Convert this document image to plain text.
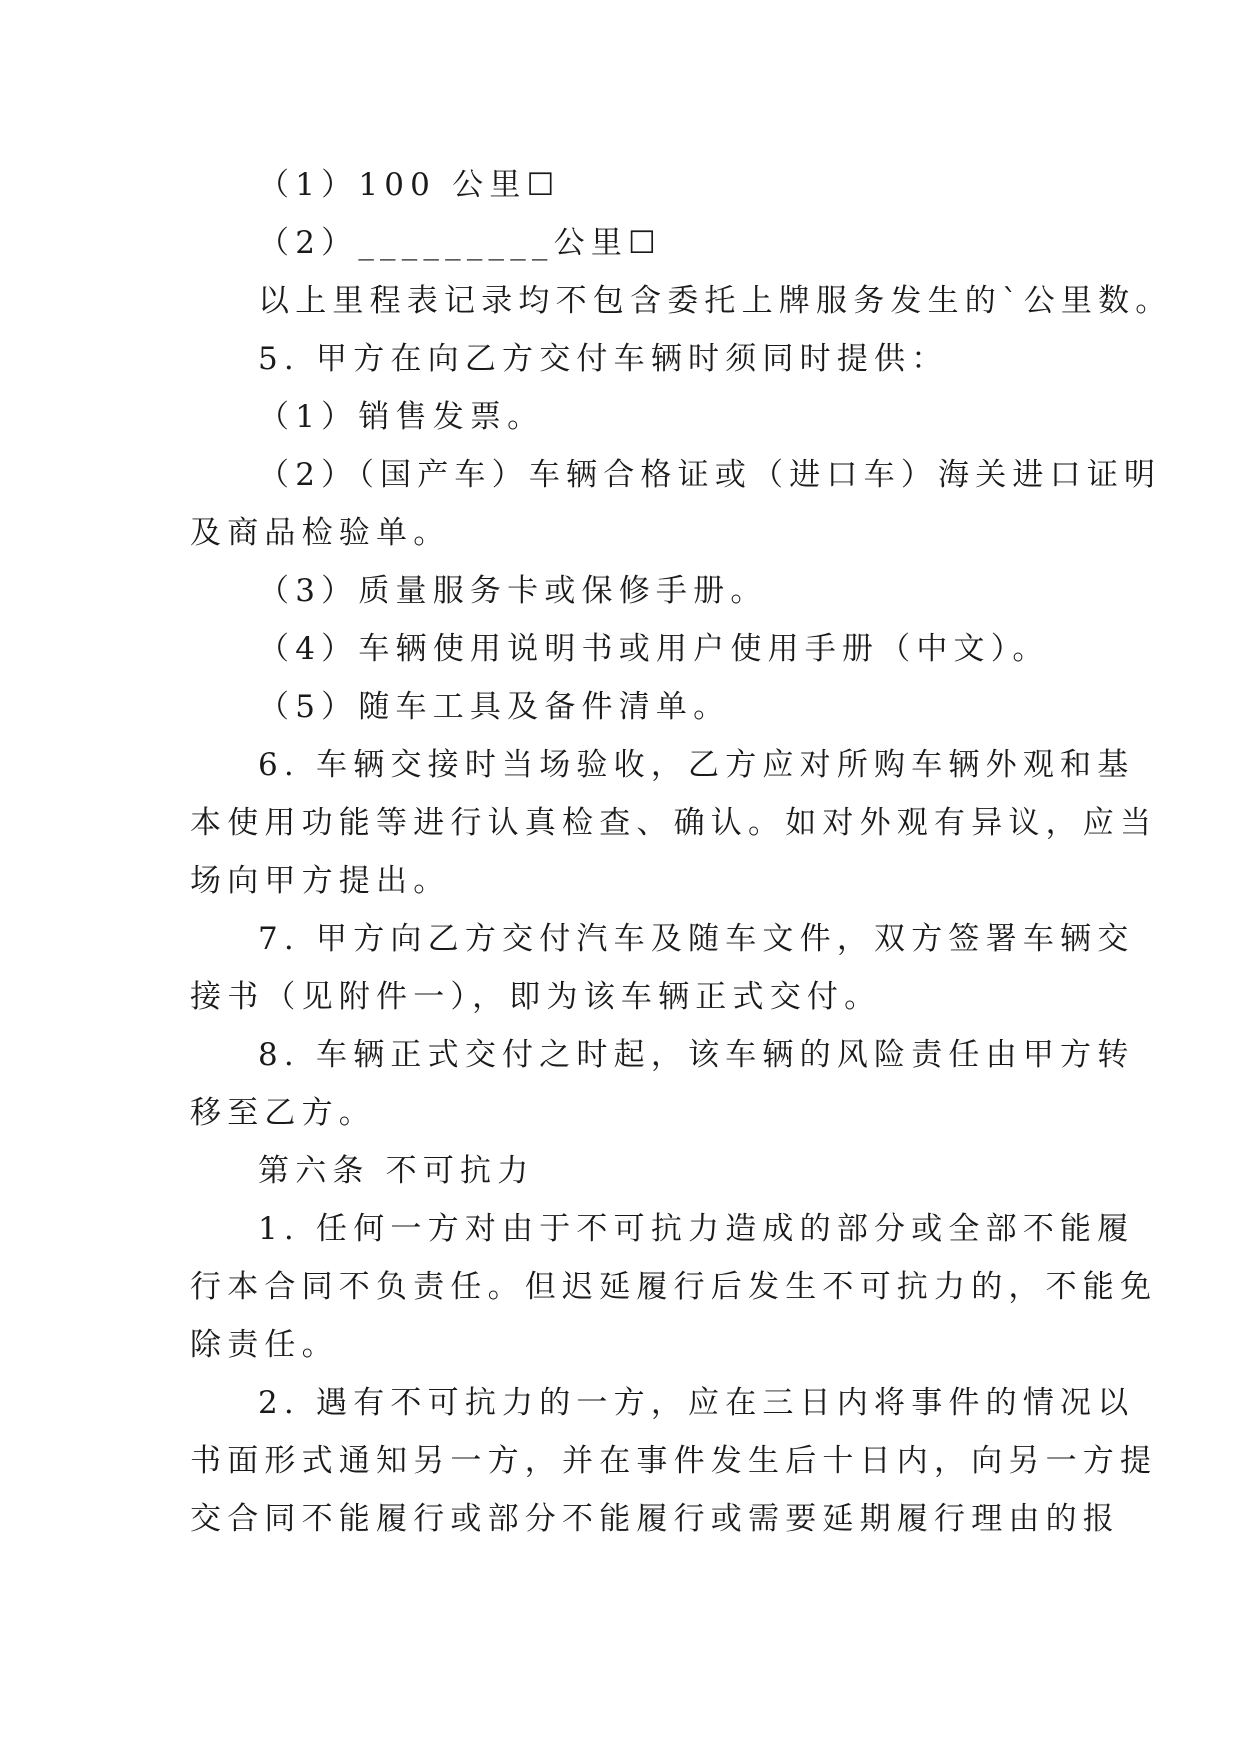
（1）100 公里☐
（2）_________公里☐
以上里程表记录均不包含委托上牌服务发生的`公里数。
5. 甲方在向乙方交付车辆时须同时提供：
（1）销售发票。
（2）（国产车）车辆合格证或（进口车）海关进口证明
及商品检验单。
（3）质量服务卡或保修手册。
（4）车辆使用说明书或用户使用手册（中文）。
（5）随车工具及备件清单。
6. 车辆交接时当场验收，乙方应对所购车辆外观和基
本使用功能等进行认真检查、确认。如对外观有异议，应当
场向甲方提出。
7. 甲方向乙方交付汽车及随车文件，双方签署车辆交
接书（见附件一），即为该车辆正式交付。
8. 车辆正式交付之时起，该车辆的风险责任由甲方转
移至乙方。
第六条 不可抗力
1. 任何一方对由于不可抗力造成的部分或全部不能履
行本合同不负责任。但迟延履行后发生不可抗力的，不能免
除责任。
2. 遇有不可抗力的一方，应在三日内将事件的情况以
书面形式通知另一方，并在事件发生后十日内，向另一方提
交合同不能履行或部分不能履行或需要延期履行理由的报
